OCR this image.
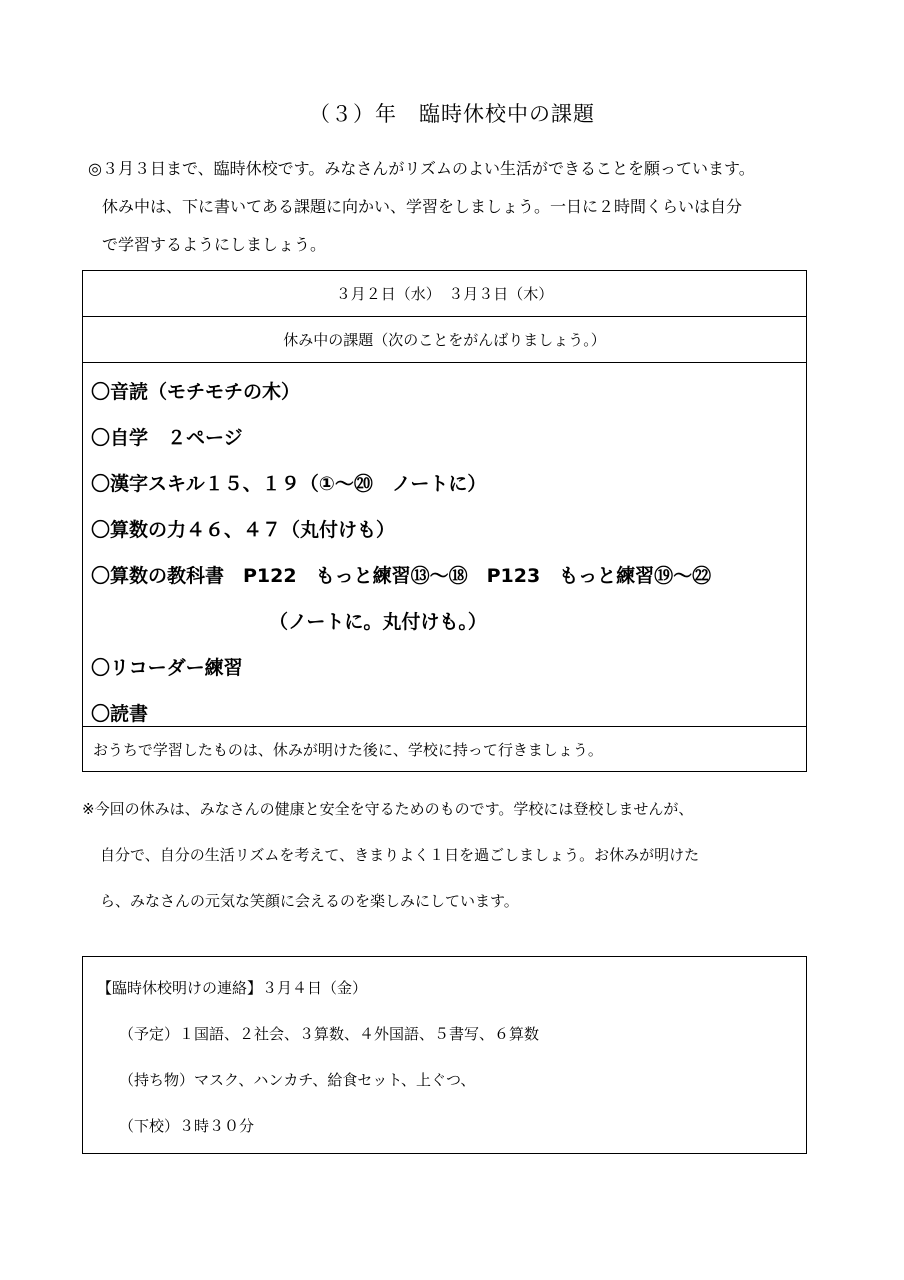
（３）年　臨時休校中の課題
◎３月３日まで、臨時休校です。みなさんがリズムのよい生活ができることを願っています。
休み中は、下に書いてある課題に向かい、学習をしましょう。一日に２時間くらいは自分
で学習するようにしましょう。
３月２日（水）　３月３日（木）
休み中の課題（次のことをがんばりましょう。）
〇音読（モチモチの木）
〇自学　２ページ
〇漢字スキル１５、１９（①～⑳　ノートに）
〇算数の力４６、４７（丸付けも）
〇算数の教科書　P122　もっと練習⑬～⑱　P123　もっと練習⑲～㉒
（ノートに。丸付けも。）
〇リコーダー練習
〇読書
おうちで学習したものは、休みが明けた後に、学校に持って行きましょう。
※今回の休みは、みなさんの健康と安全を守るためのものです。学校には登校しませんが、
自分で、自分の生活リズムを考えて、きまりよく１日を過ごしましょう。お休みが明けた
ら、みなさんの元気な笑顔に会えるのを楽しみにしています。
【臨時休校明けの連絡】３月４日（金）
（予定）１国語、２社会、３算数、４外国語、５書写、６算数
（持ち物）マスク、ハンカチ、給食セット、上ぐつ、
（下校）３時３０分
